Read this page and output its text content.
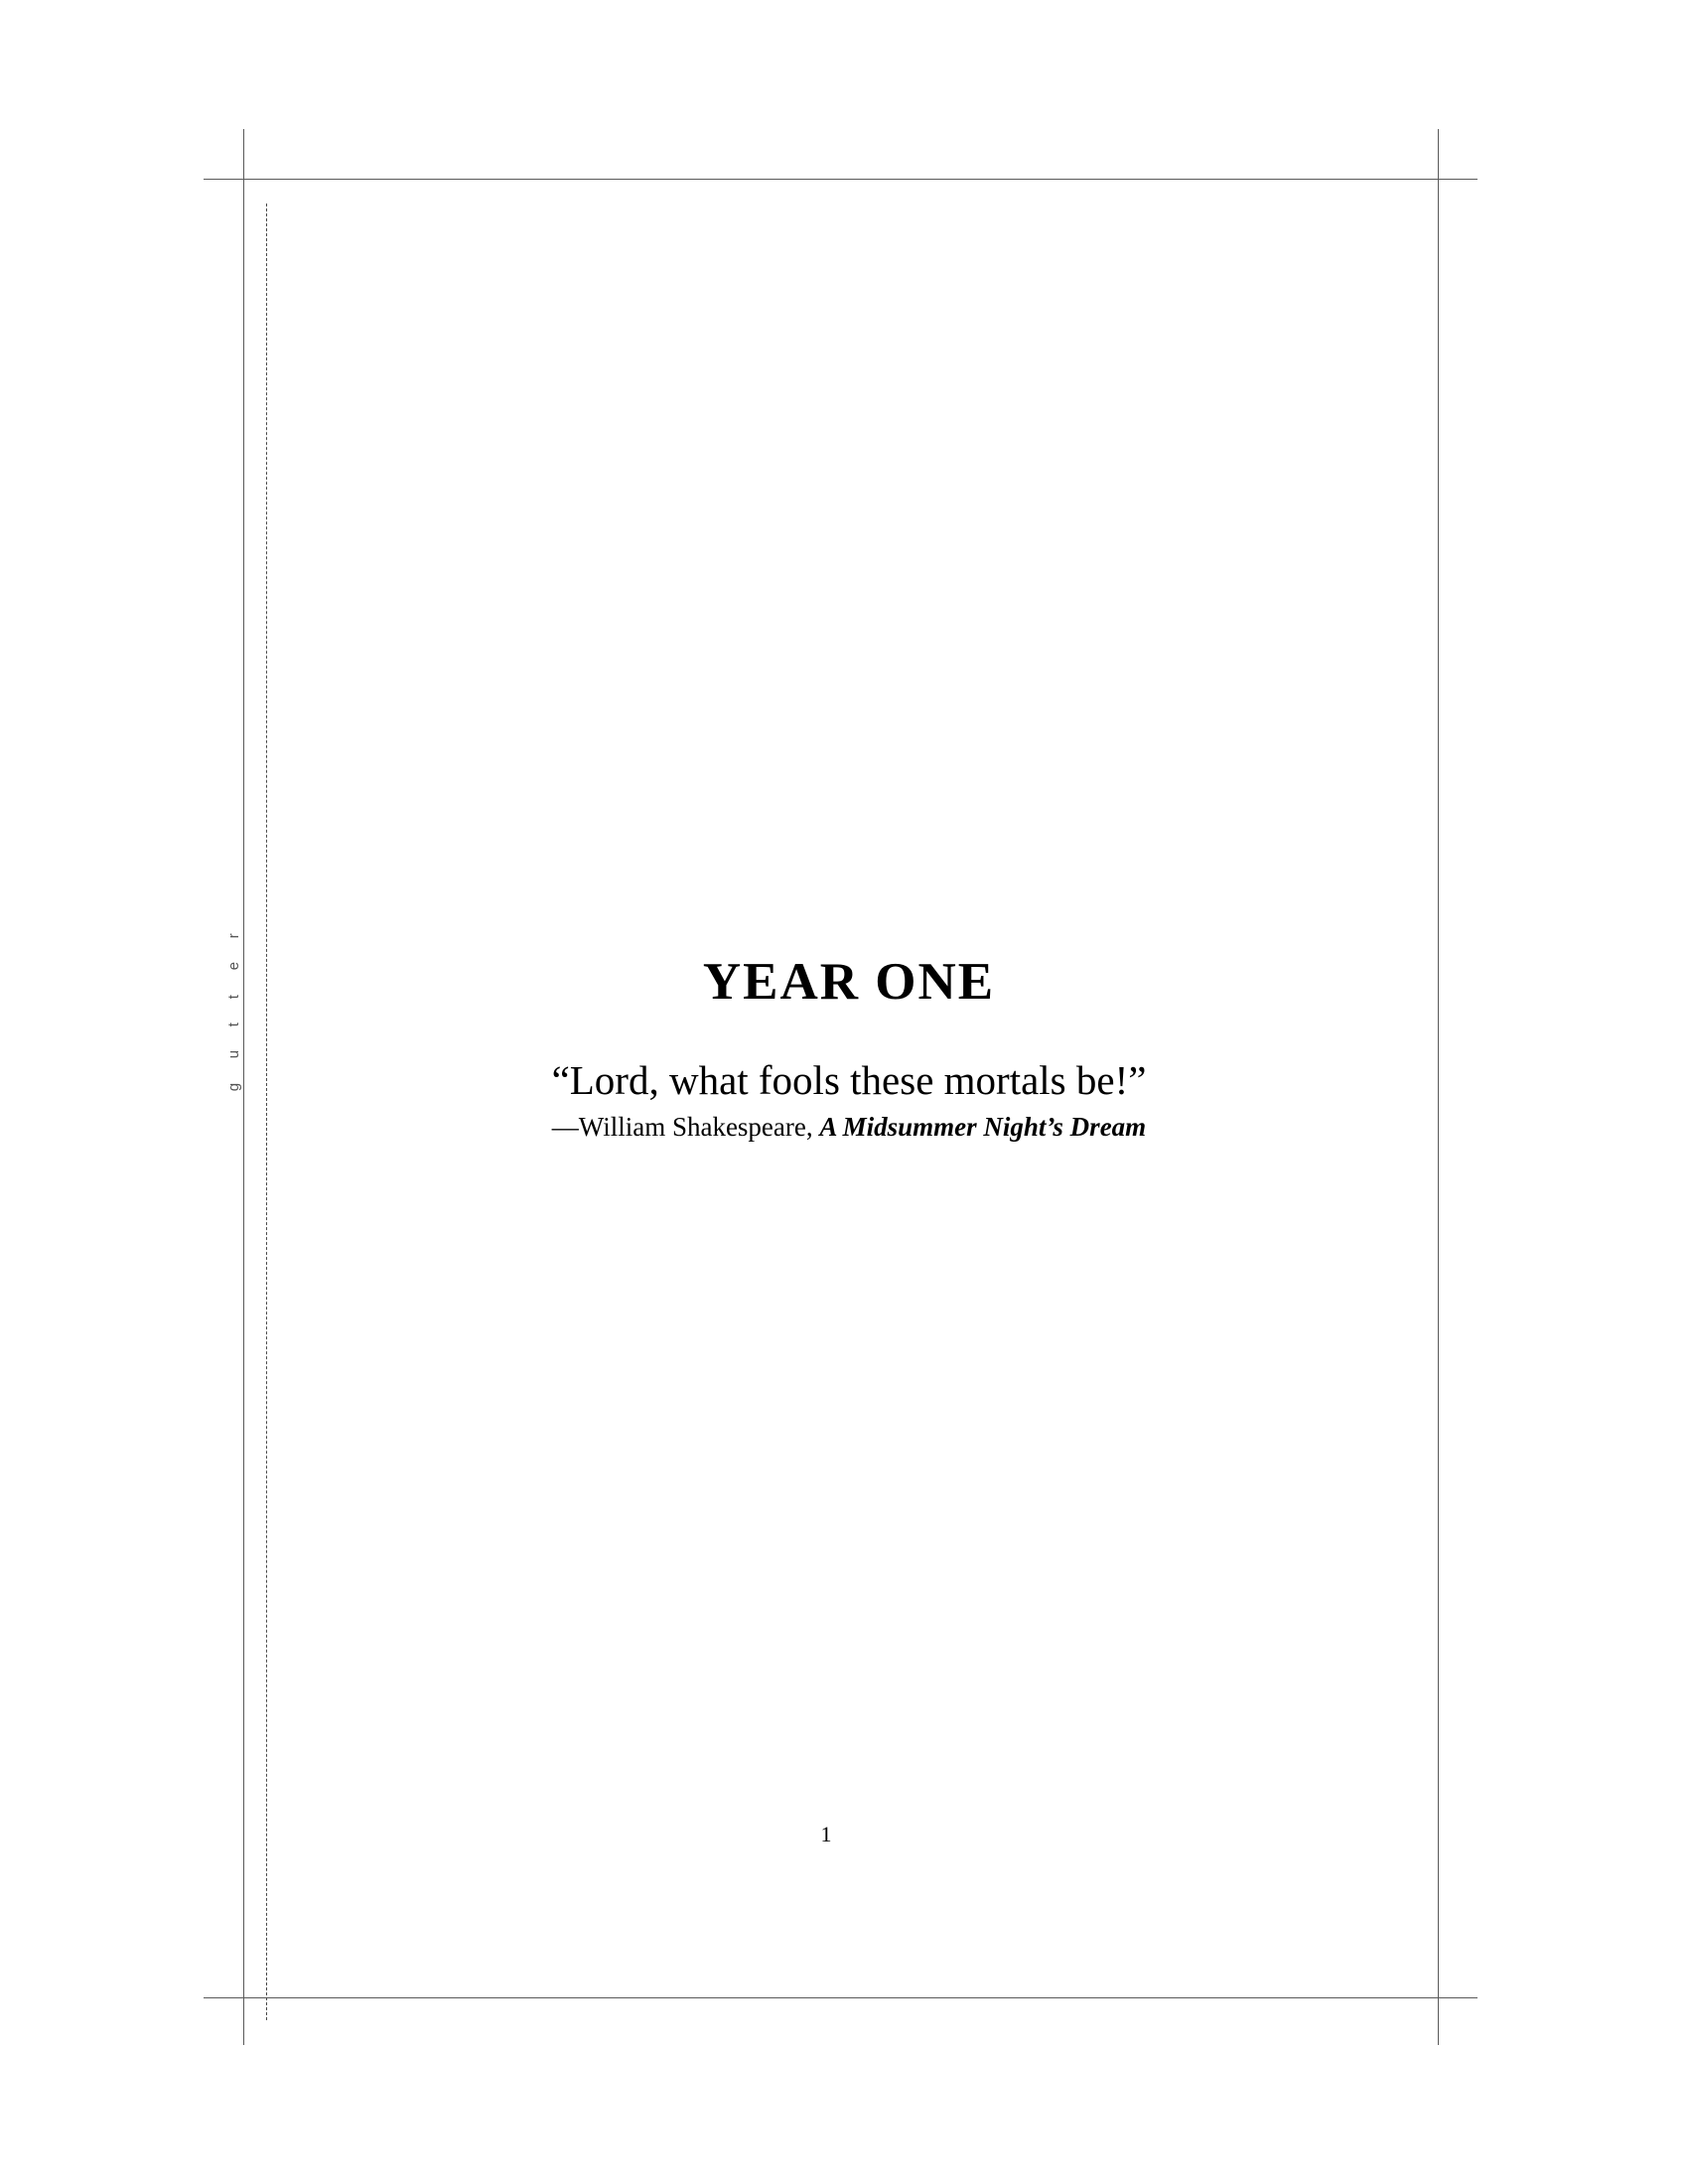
g u t t e r
YEAR ONE

“Lord, what fools these mortals be!”

—William Shakespeare, A Midsummer Night’s Dream

1
